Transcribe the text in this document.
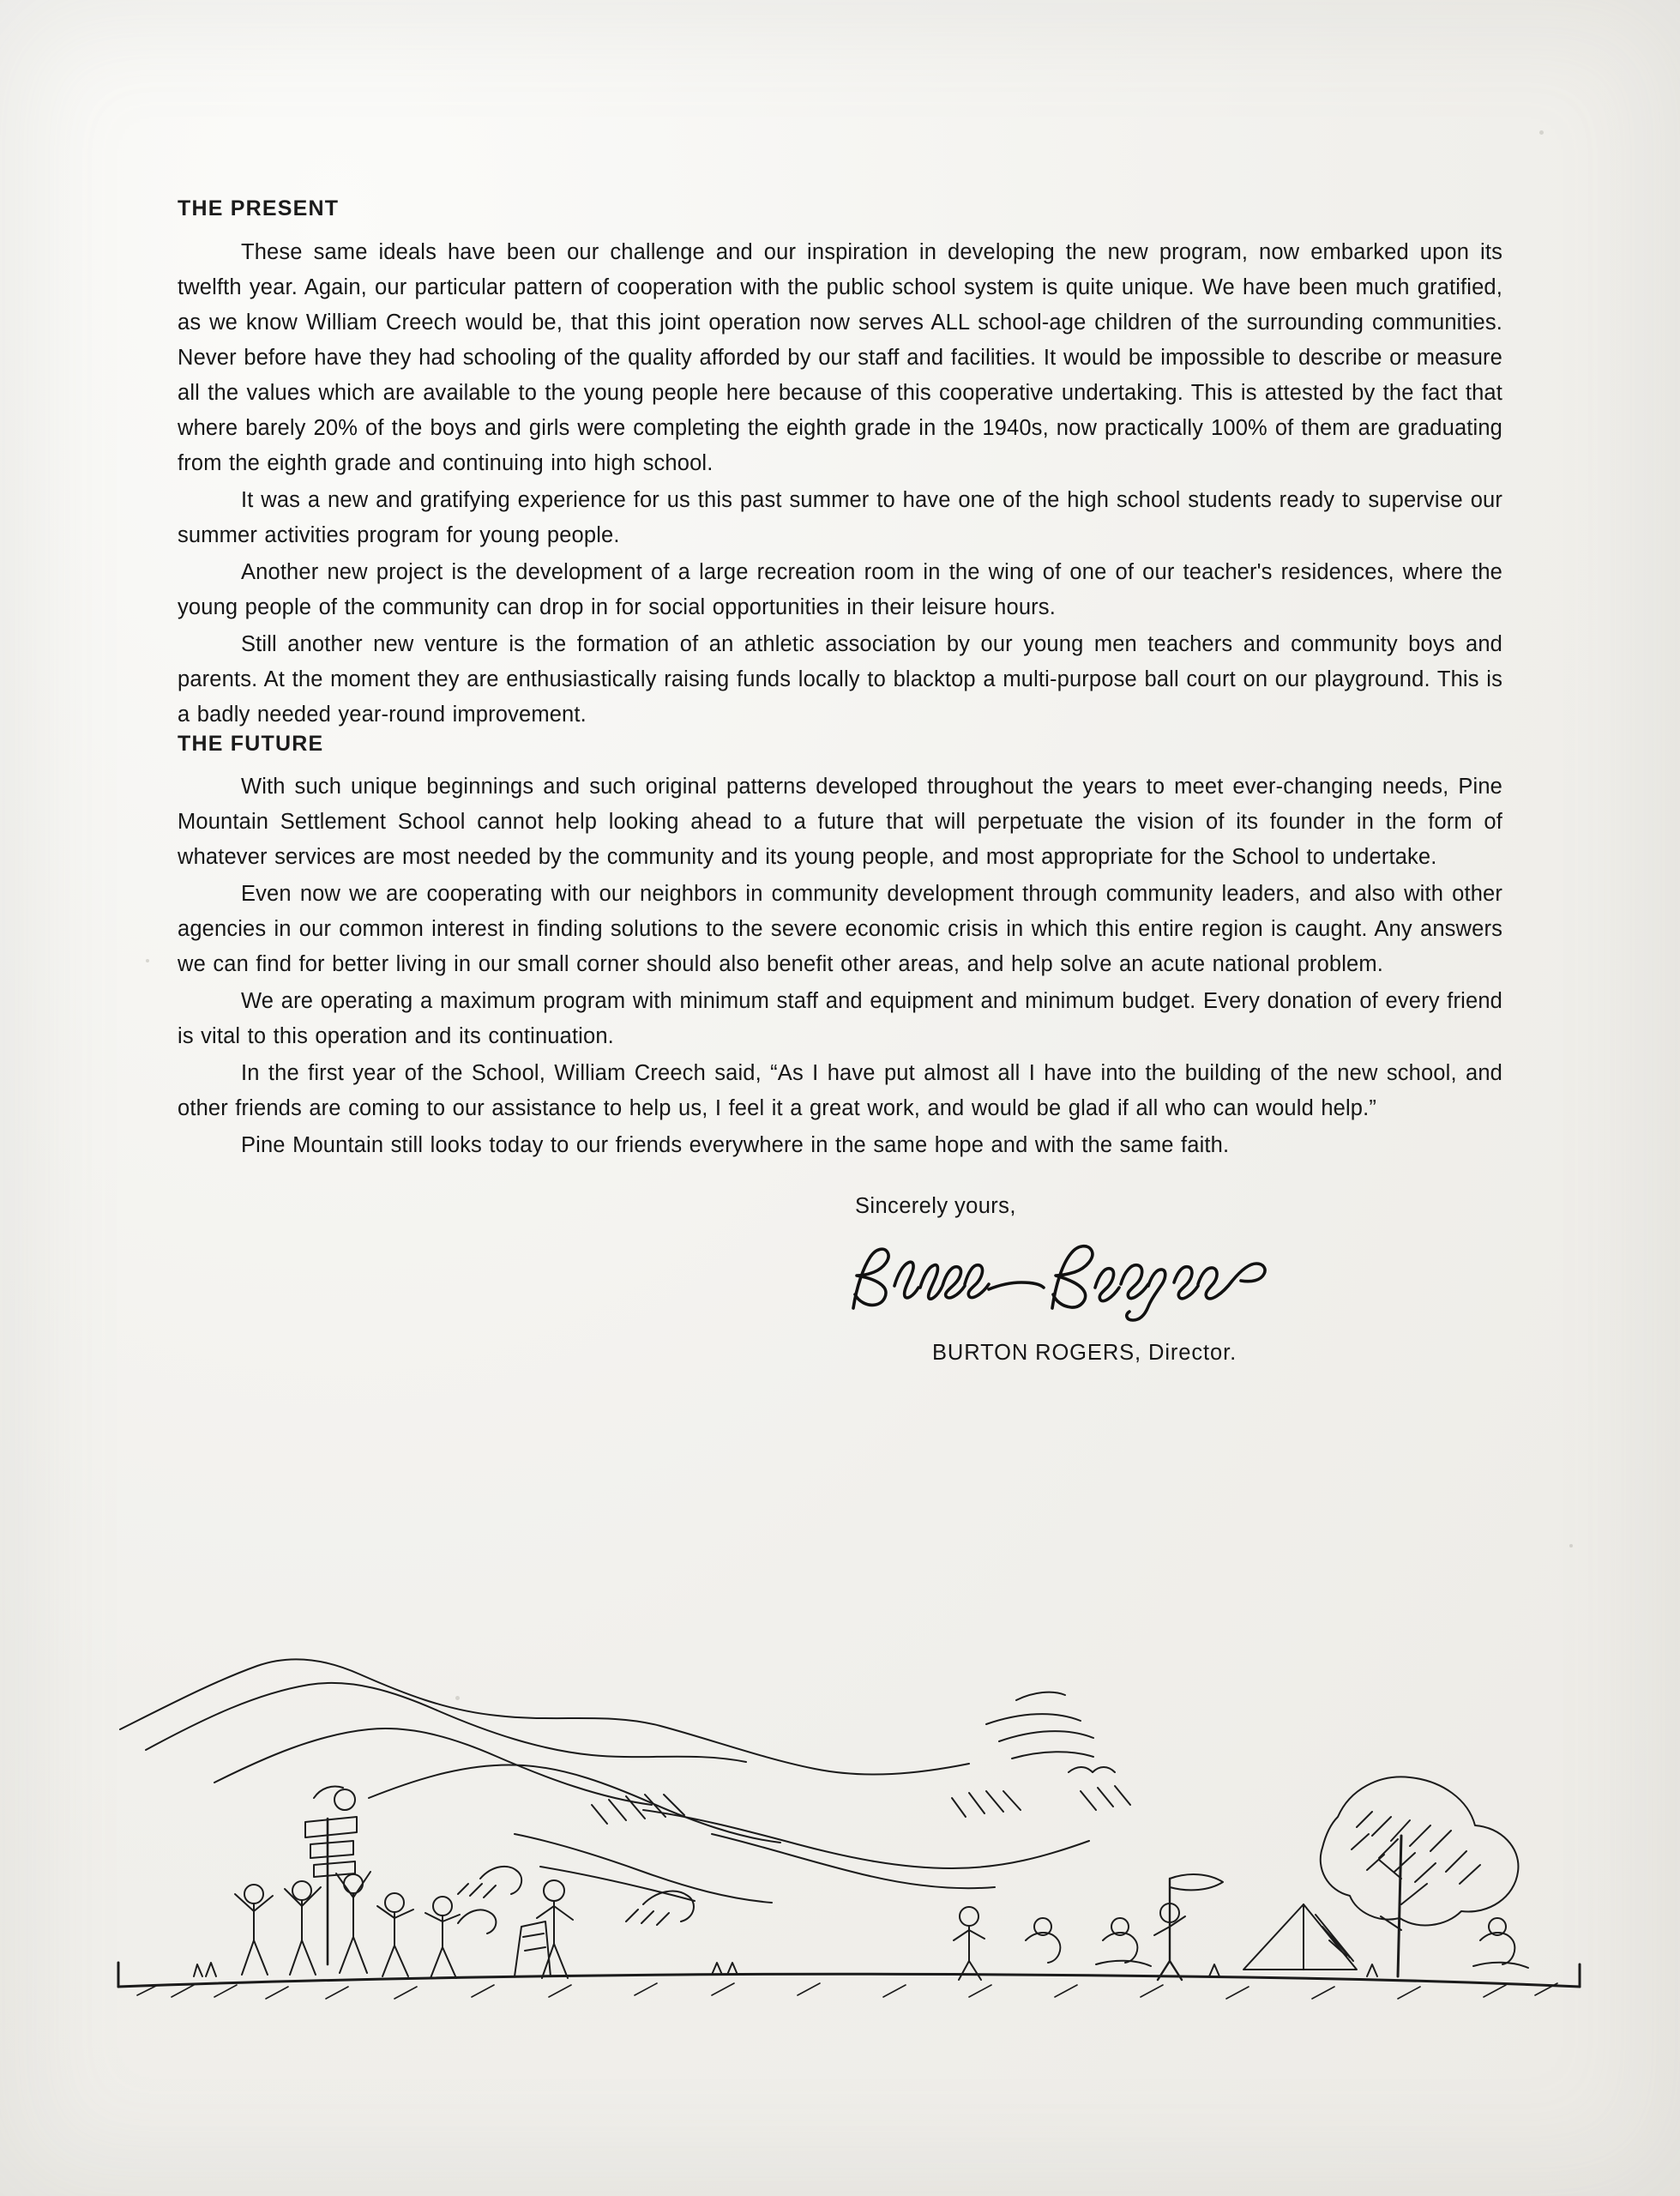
THE PRESENT

These same ideals have been our challenge and our inspiration in developing the new program, now embarked upon its twelfth year. Again, our particular pattern of cooperation with the public school system is quite unique. We have been much gratified, as we know William Creech would be, that this joint operation now serves ALL school-age children of the surrounding communities. Never before have they had schooling of the quality afforded by our staff and facilities. It would be impossible to describe or measure all the values which are available to the young people here because of this cooperative undertaking. This is attested by the fact that where barely 20% of the boys and girls were completing the eighth grade in the 1940s, now practically 100% of them are graduating from the eighth grade and continuing into high school.

It was a new and gratifying experience for us this past summer to have one of the high school students ready to supervise our summer activities program for young people.

Another new project is the development of a large recreation room in the wing of one of our teacher's residences, where the young people of the community can drop in for social opportunities in their leisure hours.

Still another new venture is the formation of an athletic association by our young men teachers and community boys and parents. At the moment they are enthusiastically raising funds locally to blacktop a multi-purpose ball court on our playground. This is a badly needed year-round improvement.

THE FUTURE

With such unique beginnings and such original patterns developed throughout the years to meet ever-changing needs, Pine Mountain Settlement School cannot help looking ahead to a future that will perpetuate the vision of its founder in the form of whatever services are most needed by the community and its young people, and most appropriate for the School to undertake.

Even now we are cooperating with our neighbors in community development through community leaders, and also with other agencies in our common interest in finding solutions to the severe economic crisis in which this entire region is caught. Any answers we can find for better living in our small corner should also benefit other areas, and help solve an acute national problem.

We are operating a maximum program with minimum staff and equipment and minimum budget. Every donation of every friend is vital to this operation and its continuation.

In the first year of the School, William Creech said, “As I have put almost all I have into the building of the new school, and other friends are coming to our assistance to help us, I feel it a great work, and would be glad if all who can would help.”

Pine Mountain still looks today to our friends everywhere in the same hope and with the same faith.

Sincerely yours,
BURTON ROGERS, Director.
